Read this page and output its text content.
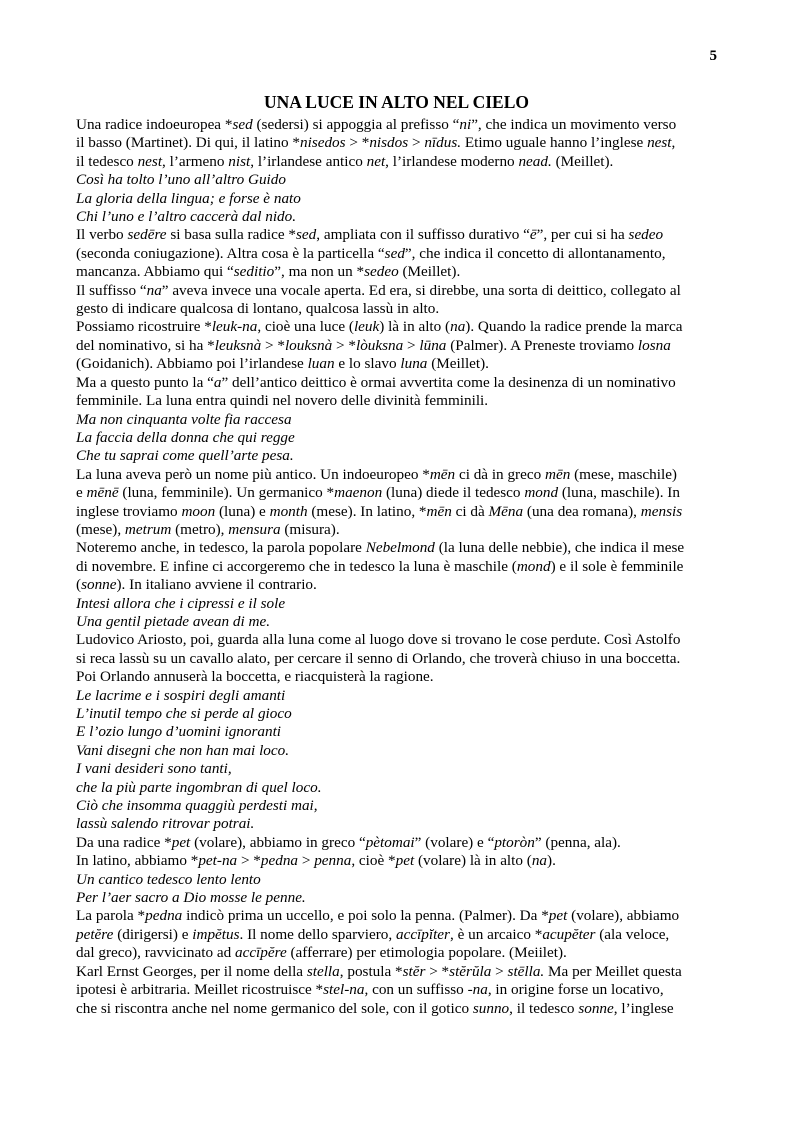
5
UNA LUCE IN ALTO NEL CIELO

Una radice indoeuropea *sed (sedersi) si appoggia al prefisso “ni”, che indica un movimento verso
il basso (Martinet). Di qui, il latino *nisedos > *nisdos > nīdus. Etimo uguale hanno l’inglese nest,
il tedesco nest, l’armeno nist, l’irlandese antico net, l’irlandese moderno nead. (Meillet).

Così ha tolto l’uno all’altro Guido
La gloria della lingua; e forse è nato
Chi l’uno e l’altro caccerà dal nido.

Il verbo sedēre si basa sulla radice *sed, ampliata con il suffisso durativo “ē”, per cui si ha sedeo
(seconda coniugazione). Altra cosa è la particella “sed”, che indica il concetto di allontanamento,
mancanza. Abbiamo qui “seditio”, ma non un *sedeo (Meillet).

Il suffisso “na” aveva invece una vocale aperta. Ed era, si direbbe, una sorta di deittico, collegato al
gesto di indicare qualcosa di lontano, qualcosa lassù in alto.

Possiamo ricostruire *leuk-na, cioè una luce (leuk) là in alto (na). Quando la radice prende la marca
del nominativo, si ha *leuksnà > *louksnà > *lòuksna > lūna (Palmer). A Preneste troviamo losna
(Goidanich). Abbiamo poi l’irlandese luan e lo slavo luna (Meillet).

Ma a questo punto la “a” dell’antico deittico è ormai avvertita come la desinenza di un nominativo
femminile. La luna entra quindi nel novero delle divinità femminili.

Ma non cinquanta volte fia raccesa
La faccia della donna che qui regge
Che tu saprai come quell’arte pesa.

La luna aveva però un nome più antico. Un indoeuropeo *mēn ci dà in greco mēn (mese, maschile)
e mēnē (luna, femminile). Un germanico *maenon (luna) diede il tedesco mond (luna, maschile). In
inglese troviamo moon (luna) e month (mese). In latino, *mēn ci dà Mēna (una dea romana), mensis
(mese), metrum (metro), mensura (misura).

Noteremo anche, in tedesco, la parola popolare Nebelmond (la luna delle nebbie), che indica il mese
di novembre. E infine ci accorgeremo che in tedesco la luna è maschile (mond) e il sole è femminile
(sonne). In italiano avviene il contrario.

Intesi allora che i cipressi e il sole
Una gentil pietade avean di me.

Ludovico Ariosto, poi, guarda alla luna come al luogo dove si trovano le cose perdute. Così Astolfo
si reca lassù su un cavallo alato, per cercare il senno di Orlando, che troverà chiuso in una boccetta.
Poi Orlando annuserà la boccetta, e riacquisterà la ragione.

Le lacrime e i sospiri degli amanti
L’inutil tempo che si perde al gioco
E l’ozio lungo d’uomini ignoranti
Vani disegni che non han mai loco.
I vani desideri sono tanti,
che la più parte ingombran di quel loco.
Ciò che insomma quaggiù perdesti mai,
lassù salendo ritrovar potrai.

Da una radice *pet (volare), abbiamo in greco “pètomai” (volare) e “ptoròn” (penna, ala).

In latino, abbiamo *pet-na > *pedna > penna, cioè *pet (volare) là in alto (na).

Un cantico tedesco lento lento
Per l’aer sacro a Dio mosse le penne.

La parola *pedna indicò prima un uccello, e poi solo la penna. (Palmer). Da *pet (volare), abbiamo
petĕre (dirigersi) e impĕtus. Il nome dello sparviero, accīpĭter, è un arcaico *acupĕter (ala veloce,
dal greco), ravvicinato ad accīpĕre (afferrare) per etimologia popolare. (Meiilet).

Karl Ernst Georges, per il nome della stella, postula *stĕr > *stĕrŭla > stēlla. Ma per Meillet questa
ipotesi è arbitraria. Meillet ricostruisce *stel-na, con un suffisso -na, in origine forse un locativo,
che si riscontra anche nel nome germanico del sole, con il gotico sunno, il tedesco sonne, l’inglese
